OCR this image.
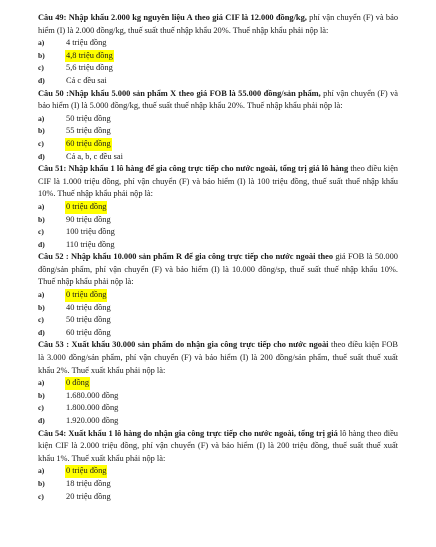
Câu 49: Nhập khẩu 2.000 kg nguyên liệu A theo giá CIF là 12.000 đồng/kg, phí vận chuyển (F) và bảo hiểm (I) là 2.000 đồng/kg, thuế suất thuế nhập khẩu 20%. Thuế nhập khẩu phải nộp là:
a)	4 triệu đồng
b)	4,8 triệu đồng
c)	5,6 triệu đồng
d)	Cả c đều sai
Câu 50 :Nhập khẩu 5.000 sản phẩm X theo giá FOB là 55.000 đồng/sản phẩm, phí vận chuyển (F) và bảo hiểm (I) là 5.000 đồng/kg, thuế suất thuế nhập khẩu 20%. Thuế nhập khẩu phải nộp là:
a)	50 triệu đồng
b)	55 triệu đồng
c)	60 triệu đồng
d)	Cả a, b, c đều sai
Câu 51: Nhập khẩu 1 lô hàng để gia công trực tiếp cho nước ngoài, tổng trị giá lô hàng theo điều kiện CIF là 1.000 triệu đồng, phí vận chuyển (F) và bảo hiểm (I) là 100 triệu đồng, thuế suất thuế nhập khẩu 10%. Thuế nhập khẩu phải nộp là:
a)	0 triệu đồng
b)	90 triệu đồng
c)	100 triệu đồng
d)	110 triệu đồng
Câu 52 : Nhập khẩu 10.000 sản phẩm R để gia công trực tiếp cho nước ngoài theo giá FOB là 50.000 đồng/sản phẩm, phí vận chuyển (F) và bảo hiểm (I) là 10.000 đồng/sp, thuế suất thuế nhập khẩu 10%. Thuế nhập khẩu phải nộp là:
a)	0 triệu đồng
b)	40 triệu đồng
c)	50 triệu đồng
d)	60 triệu đồng
Câu 53 : Xuất khẩu 30.000 sản phẩm do nhận gia công trực tiếp cho nước ngoài theo điều kiện FOB là 3.000 đồng/sản phẩm, phí vận chuyển (F) và bảo hiểm (I) là 200 đồng/sản phẩm, thuế suất thuế xuất khẩu 2%. Thuế xuất khẩu phải nộp là:
a)	0 đồng
b)	1.680.000 đồng
c)	1.800.000 đồng
d)	1.920.000 đồng
Câu 54: Xuất khẩu 1 lô hàng do nhận gia công trực tiếp cho nước ngoài, tổng trị giá lô hàng theo điều kiện CIF là 2.000 triệu đồng, phí vận chuyển (F) và bảo hiểm (I) là 200 triệu đồng, thuế suất thuế xuất khẩu 1%. Thuế xuất khẩu phải nộp là:
a)	0 triệu đồng
b)	18 triệu đồng
c)	20 triệu đồng
